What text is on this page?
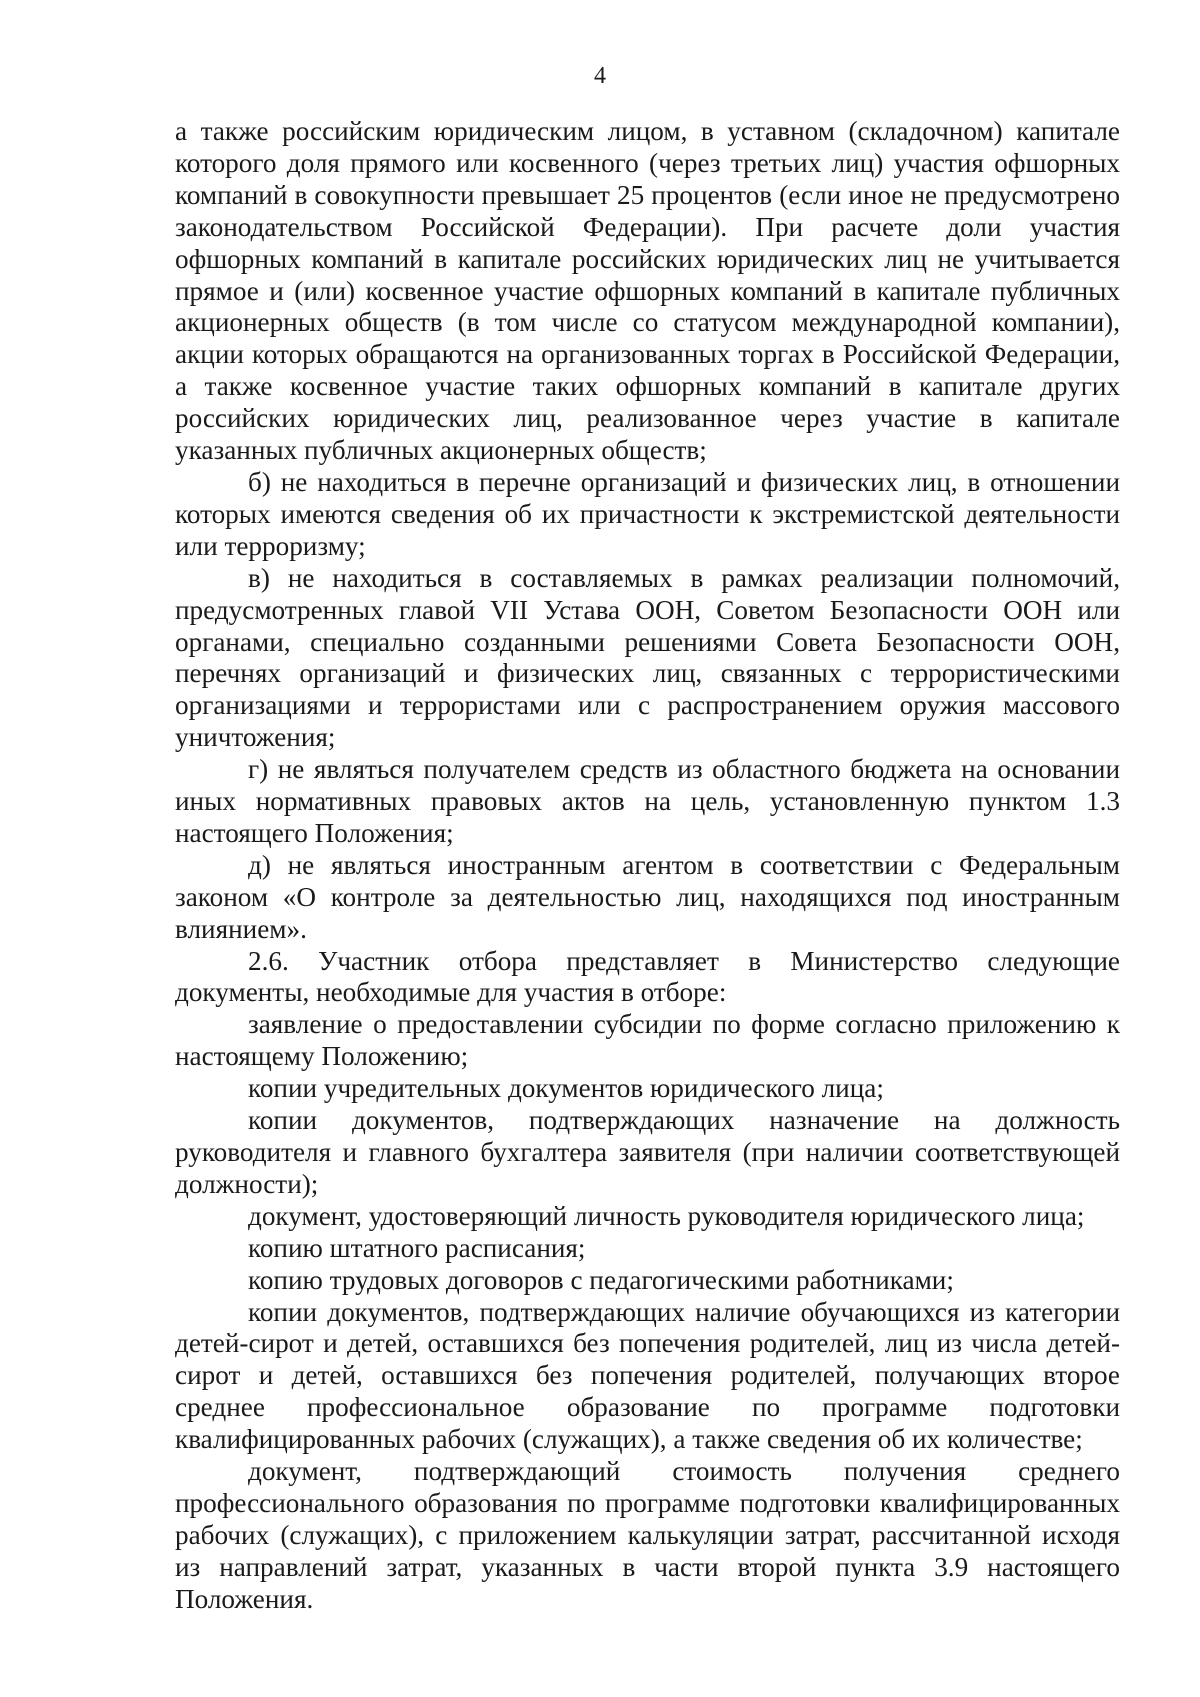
4

а также российским юридическим лицом, в уставном (складочном) капитале которого доля прямого или косвенного (через третьих лиц) участия офшорных компаний в совокупности превышает 25 процентов (если иное не предусмотрено законодательством Российской Федерации). При расчете доли участия офшорных компаний в капитале российских юридических лиц не учитывается прямое и (или) косвенное участие офшорных компаний в капитале публичных акционерных обществ (в том числе со статусом международной компании), акции которых обращаются на организованных торгах в Российской Федерации, а также косвенное участие таких офшорных компаний в капитале других российских юридических лиц, реализованное через участие в капитале указанных публичных акционерных обществ;

б) не находиться в перечне организаций и физических лиц, в отношении которых имеются сведения об их причастности к экстремистской деятельности или терроризму;

в) не находиться в составляемых в рамках реализации полномочий, предусмотренных главой VII Устава ООН, Советом Безопасности ООН или органами, специально созданными решениями Совета Безопасности ООН, перечнях организаций и физических лиц, связанных с террористическими организациями и террористами или с распространением оружия массового уничтожения;

г) не являться получателем средств из областного бюджета на основании иных нормативных правовых актов на цель, установленную пунктом 1.3 настоящего Положения;

д) не являться иностранным агентом в соответствии с Федеральным законом «О контроле за деятельностью лиц, находящихся под иностранным влиянием».

2.6. Участник отбора представляет в Министерство следующие документы, необходимые для участия в отборе:

заявление о предоставлении субсидии по форме согласно приложению к настоящему Положению;

копии учредительных документов юридического лица;

копии документов, подтверждающих назначение на должность руководителя и главного бухгалтера заявителя (при наличии соответствующей должности);

документ, удостоверяющий личность руководителя юридического лица;

копию штатного расписания;

копию трудовых договоров с педагогическими работниками;

копии документов, подтверждающих наличие обучающихся из категории детей-сирот и детей, оставшихся без попечения родителей, лиц из числа детей-сирот и детей, оставшихся без попечения родителей, получающих второе среднее профессиональное образование по программе подготовки квалифицированных рабочих (служащих), а также сведения об их количестве;

документ, подтверждающий стоимость получения среднего профессионального образования по программе подготовки квалифицированных рабочих (служащих), с приложением калькуляции затрат, рассчитанной исходя из направлений затрат, указанных в части второй пункта 3.9 настоящего Положения.
